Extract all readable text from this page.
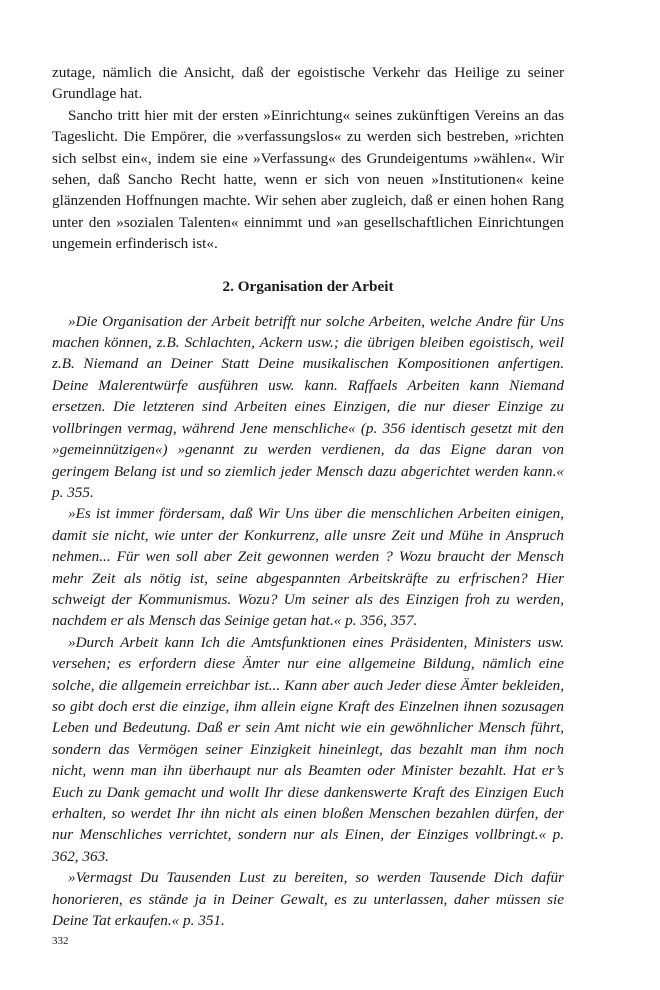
zutage, nämlich die Ansicht, daß der egoistische Verkehr das Heilige zu seiner Grundlage hat.

Sancho tritt hier mit der ersten »Einrichtung« seines zukünftigen Vereins an das Tageslicht. Die Empörer, die »verfassungslos« zu werden sich bestreben, »richten sich selbst ein«, indem sie eine »Verfassung« des Grundeigentums »wählen«. Wir sehen, daß Sancho Recht hatte, wenn er sich von neuen »Institutionen« keine glänzenden Hoffnungen machte. Wir sehen aber zugleich, daß er einen hohen Rang unter den »sozialen Talenten« einnimmt und »an gesellschaftlichen Einrichtungen ungemein erfinderisch ist«.

2. Organisation der Arbeit

»Die Organisation der Arbeit betrifft nur solche Arbeiten, welche Andre für Uns machen können, z.B. Schlachten, Ackern usw.; die übrigen bleiben egoistisch, weil z.B. Niemand an Deiner Statt Deine musikalischen Kompositionen anfertigen. Deine Malerentwürfe ausführen usw. kann. Raffaels Arbeiten kann Niemand ersetzen. Die letzteren sind Arbeiten eines Einzigen, die nur dieser Einzige zu vollbringen vermag, während Jene menschliche« (p. 356 identisch gesetzt mit den »gemeinnützigen«) »genannt zu werden verdienen, da das Eigne daran von geringem Belang ist und so ziemlich jeder Mensch dazu abgerichtet werden kann.« p. 355.

»Es ist immer fördersam, daß Wir Uns über die menschlichen Arbeiten einigen, damit sie nicht, wie unter der Konkurrenz, alle unsre Zeit und Mühe in Anspruch nehmen... Für wen soll aber Zeit gewonnen werden ? Wozu braucht der Mensch mehr Zeit als nötig ist, seine abgespannten Arbeitskräfte zu erfrischen? Hier schweigt der Kommunismus. Wozu? Um seiner als des Einzigen froh zu werden, nachdem er als Mensch das Seinige getan hat.« p. 356, 357.

»Durch Arbeit kann Ich die Amtsfunktionen eines Präsidenten, Ministers usw. versehen; es erfordern diese Ämter nur eine allgemeine Bildung, nämlich eine solche, die allgemein erreichbar ist... Kann aber auch Jeder diese Ämter bekleiden, so gibt doch erst die einzige, ihm allein eigne Kraft des Einzelnen ihnen sozusagen Leben und Bedeutung. Daß er sein Amt nicht wie ein gewöhnlicher Mensch führt, sondern das Vermögen seiner Einzigkeit hineinlegt, das bezahlt man ihm noch nicht, wenn man ihn überhaupt nur als Beamten oder Minister bezahlt. Hat er’s Euch zu Dank gemacht und wollt Ihr diese dankenswerte Kraft des Einzigen Euch erhalten, so werdet Ihr ihn nicht als einen bloßen Menschen bezahlen dürfen, der nur Menschliches verrichtet, sondern nur als Einen, der Einziges vollbringt.« p. 362, 363.

»Vermagst Du Tausenden Lust zu bereiten, so werden Tausende Dich dafür honorieren, es stände ja in Deiner Gewalt, es zu unterlassen, daher müssen sie Deine Tat erkaufen.« p. 351.

332
